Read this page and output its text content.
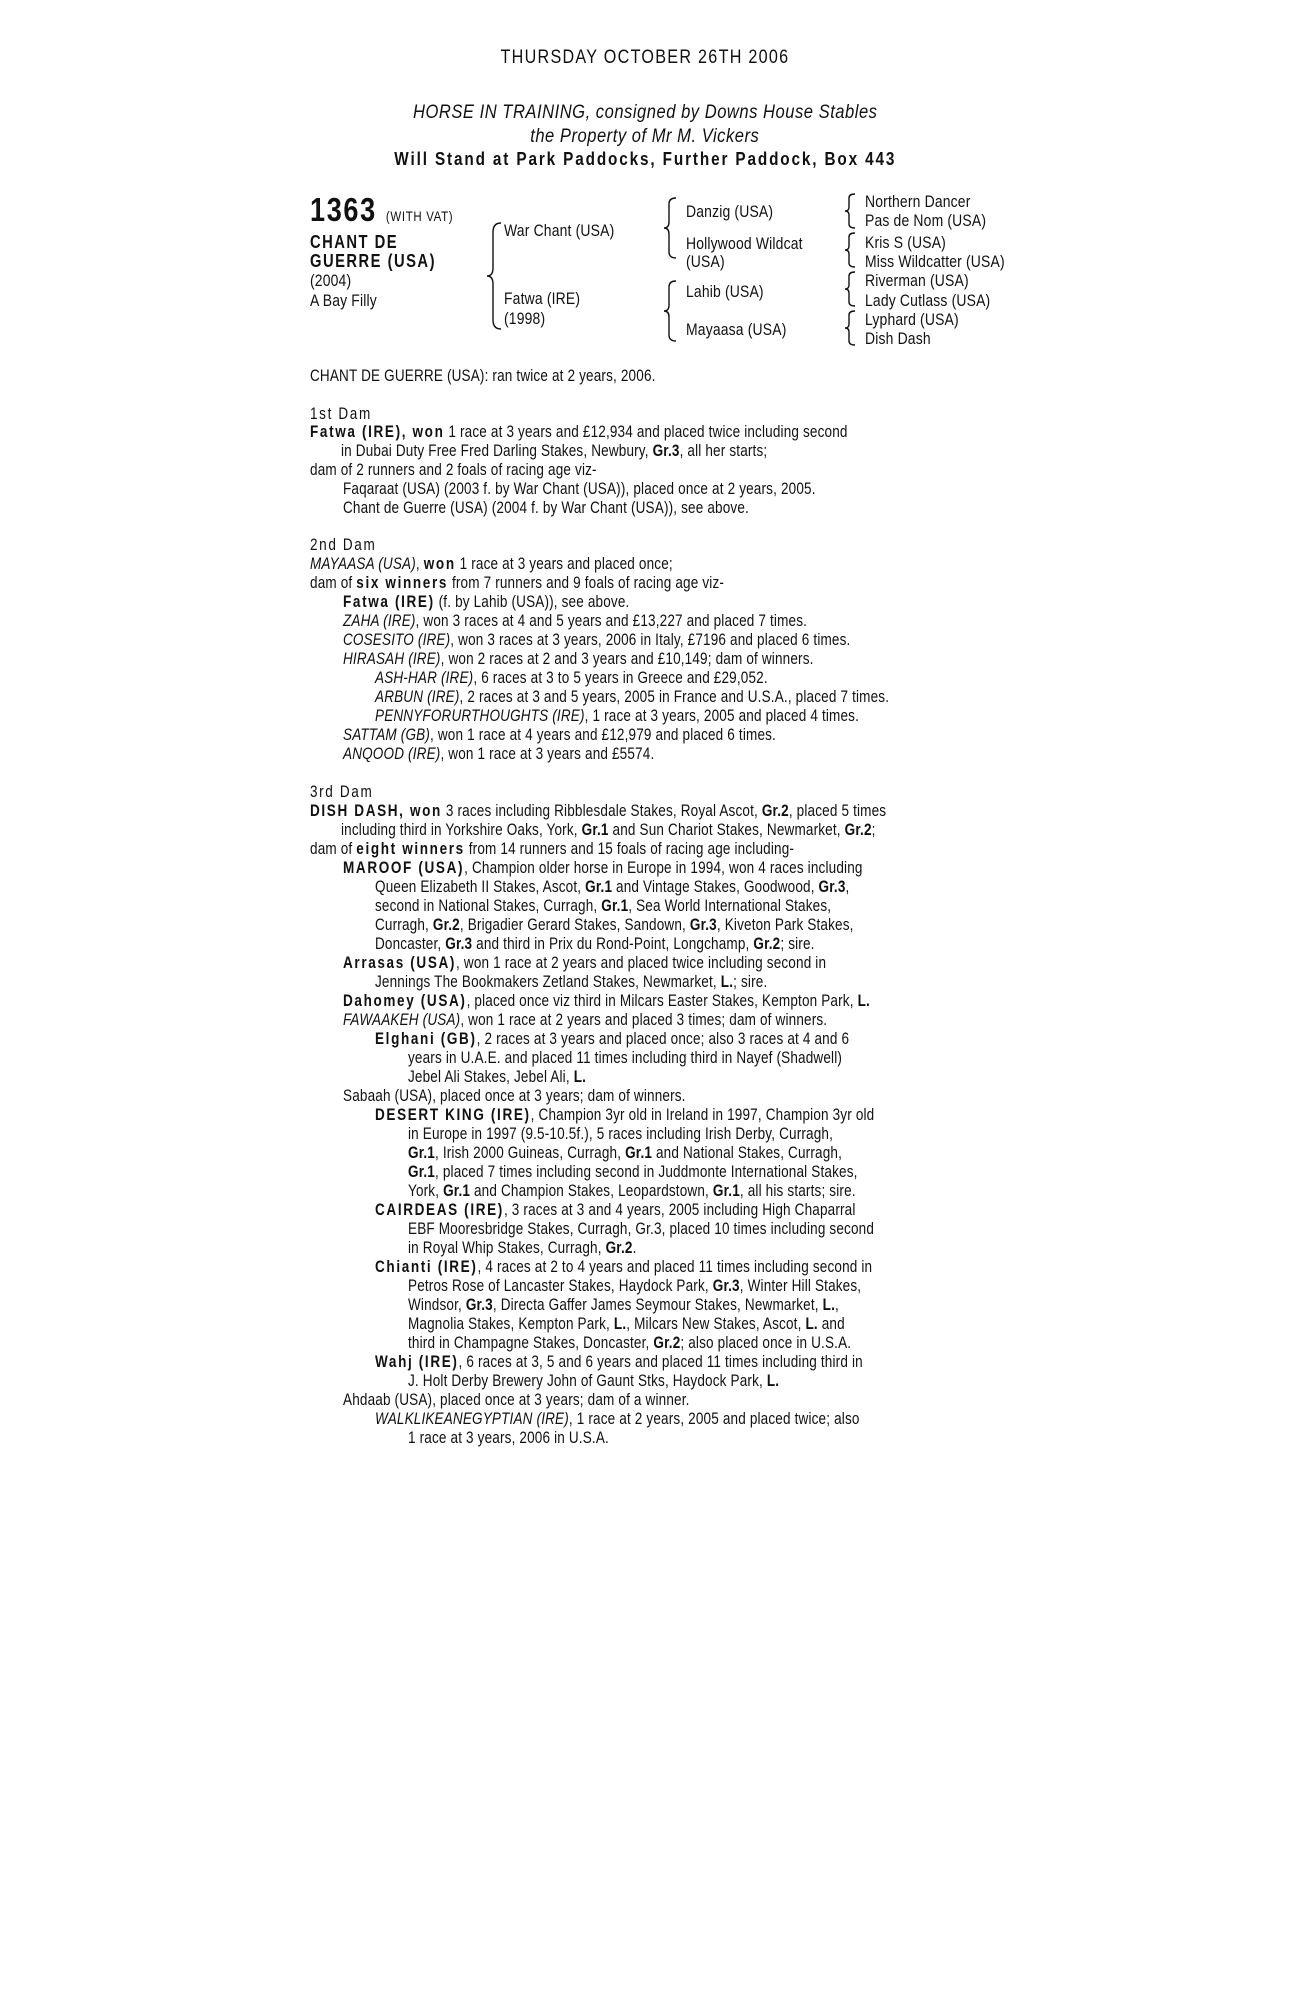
THURSDAY OCTOBER 26TH 2006
HORSE IN TRAINING, consigned by Downs House Stables
the Property of Mr M. Vickers
Will Stand at Park Paddocks, Further Paddock, Box 443
1363 (WITH VAT)
CHANT DE
GUERRE (USA)
(2004)
A Bay Filly
War Chant (USA)
Fatwa (IRE)
(1998)
Danzig (USA)
Hollywood Wildcat
(USA)
Lahib (USA)
Mayaasa (USA)
Northern Dancer
Pas de Nom (USA)
Kris S (USA)
Miss Wildcatter (USA)
Riverman (USA)
Lady Cutlass (USA)
Lyphard (USA)
Dish Dash
CHANT DE GUERRE (USA): ran twice at 2 years, 2006.
1st Dam
Fatwa (IRE), won 1 race at 3 years and £12,934 and placed twice including second
in Dubai Duty Free Fred Darling Stakes, Newbury, Gr.3, all her starts;
dam of 2 runners and 2 foals of racing age viz-
Faqaraat (USA) (2003 f. by War Chant (USA)), placed once at 2 years, 2005.
Chant de Guerre (USA) (2004 f. by War Chant (USA)), see above.
2nd Dam
MAYAASA (USA), won 1 race at 3 years and placed once;
dam of six winners from 7 runners and 9 foals of racing age viz-
Fatwa (IRE) (f. by Lahib (USA)), see above.
ZAHA (IRE), won 3 races at 4 and 5 years and £13,227 and placed 7 times.
COSESITO (IRE), won 3 races at 3 years, 2006 in Italy, £7196 and placed 6 times.
HIRASAH (IRE), won 2 races at 2 and 3 years and £10,149; dam of winners.
ASH-HAR (IRE), 6 races at 3 to 5 years in Greece and £29,052.
ARBUN (IRE), 2 races at 3 and 5 years, 2005 in France and U.S.A., placed 7 times.
PENNYFORURTHOUGHTS (IRE), 1 race at 3 years, 2005 and placed 4 times.
SATTAM (GB), won 1 race at 4 years and £12,979 and placed 6 times.
ANQOOD (IRE), won 1 race at 3 years and £5574.
3rd Dam
DISH DASH, won 3 races including Ribblesdale Stakes, Royal Ascot, Gr.2, placed 5 times
including third in Yorkshire Oaks, York, Gr.1 and Sun Chariot Stakes, Newmarket, Gr.2;
dam of eight winners from 14 runners and 15 foals of racing age including-
MAROOF (USA), Champion older horse in Europe in 1994, won 4 races including
Queen Elizabeth II Stakes, Ascot, Gr.1 and Vintage Stakes, Goodwood, Gr.3,
second in National Stakes, Curragh, Gr.1, Sea World International Stakes,
Curragh, Gr.2, Brigadier Gerard Stakes, Sandown, Gr.3, Kiveton Park Stakes,
Doncaster, Gr.3 and third in Prix du Rond-Point, Longchamp, Gr.2; sire.
Arrasas (USA), won 1 race at 2 years and placed twice including second in
Jennings The Bookmakers Zetland Stakes, Newmarket, L.; sire.
Dahomey (USA), placed once viz third in Milcars Easter Stakes, Kempton Park, L.
FAWAAKEH (USA), won 1 race at 2 years and placed 3 times; dam of winners.
Elghani (GB), 2 races at 3 years and placed once; also 3 races at 4 and 6
years in U.A.E. and placed 11 times including third in Nayef (Shadwell)
Jebel Ali Stakes, Jebel Ali, L.
Sabaah (USA), placed once at 3 years; dam of winners.
DESERT KING (IRE), Champion 3yr old in Ireland in 1997, Champion 3yr old
in Europe in 1997 (9.5-10.5f.), 5 races including Irish Derby, Curragh,
Gr.1, Irish 2000 Guineas, Curragh, Gr.1 and National Stakes, Curragh,
Gr.1, placed 7 times including second in Juddmonte International Stakes,
York, Gr.1 and Champion Stakes, Leopardstown, Gr.1, all his starts; sire.
CAIRDEAS (IRE), 3 races at 3 and 4 years, 2005 including High Chaparral
EBF Mooresbridge Stakes, Curragh, Gr.3, placed 10 times including second
in Royal Whip Stakes, Curragh, Gr.2.
Chianti (IRE), 4 races at 2 to 4 years and placed 11 times including second in
Petros Rose of Lancaster Stakes, Haydock Park, Gr.3, Winter Hill Stakes,
Windsor, Gr.3, Directa Gaffer James Seymour Stakes, Newmarket, L.,
Magnolia Stakes, Kempton Park, L., Milcars New Stakes, Ascot, L. and
third in Champagne Stakes, Doncaster, Gr.2; also placed once in U.S.A.
Wahj (IRE), 6 races at 3, 5 and 6 years and placed 11 times including third in
J. Holt Derby Brewery John of Gaunt Stks, Haydock Park, L.
Ahdaab (USA), placed once at 3 years; dam of a winner.
WALKLIKEANEGYPTIAN (IRE), 1 race at 2 years, 2005 and placed twice; also
1 race at 3 years, 2006 in U.S.A.
